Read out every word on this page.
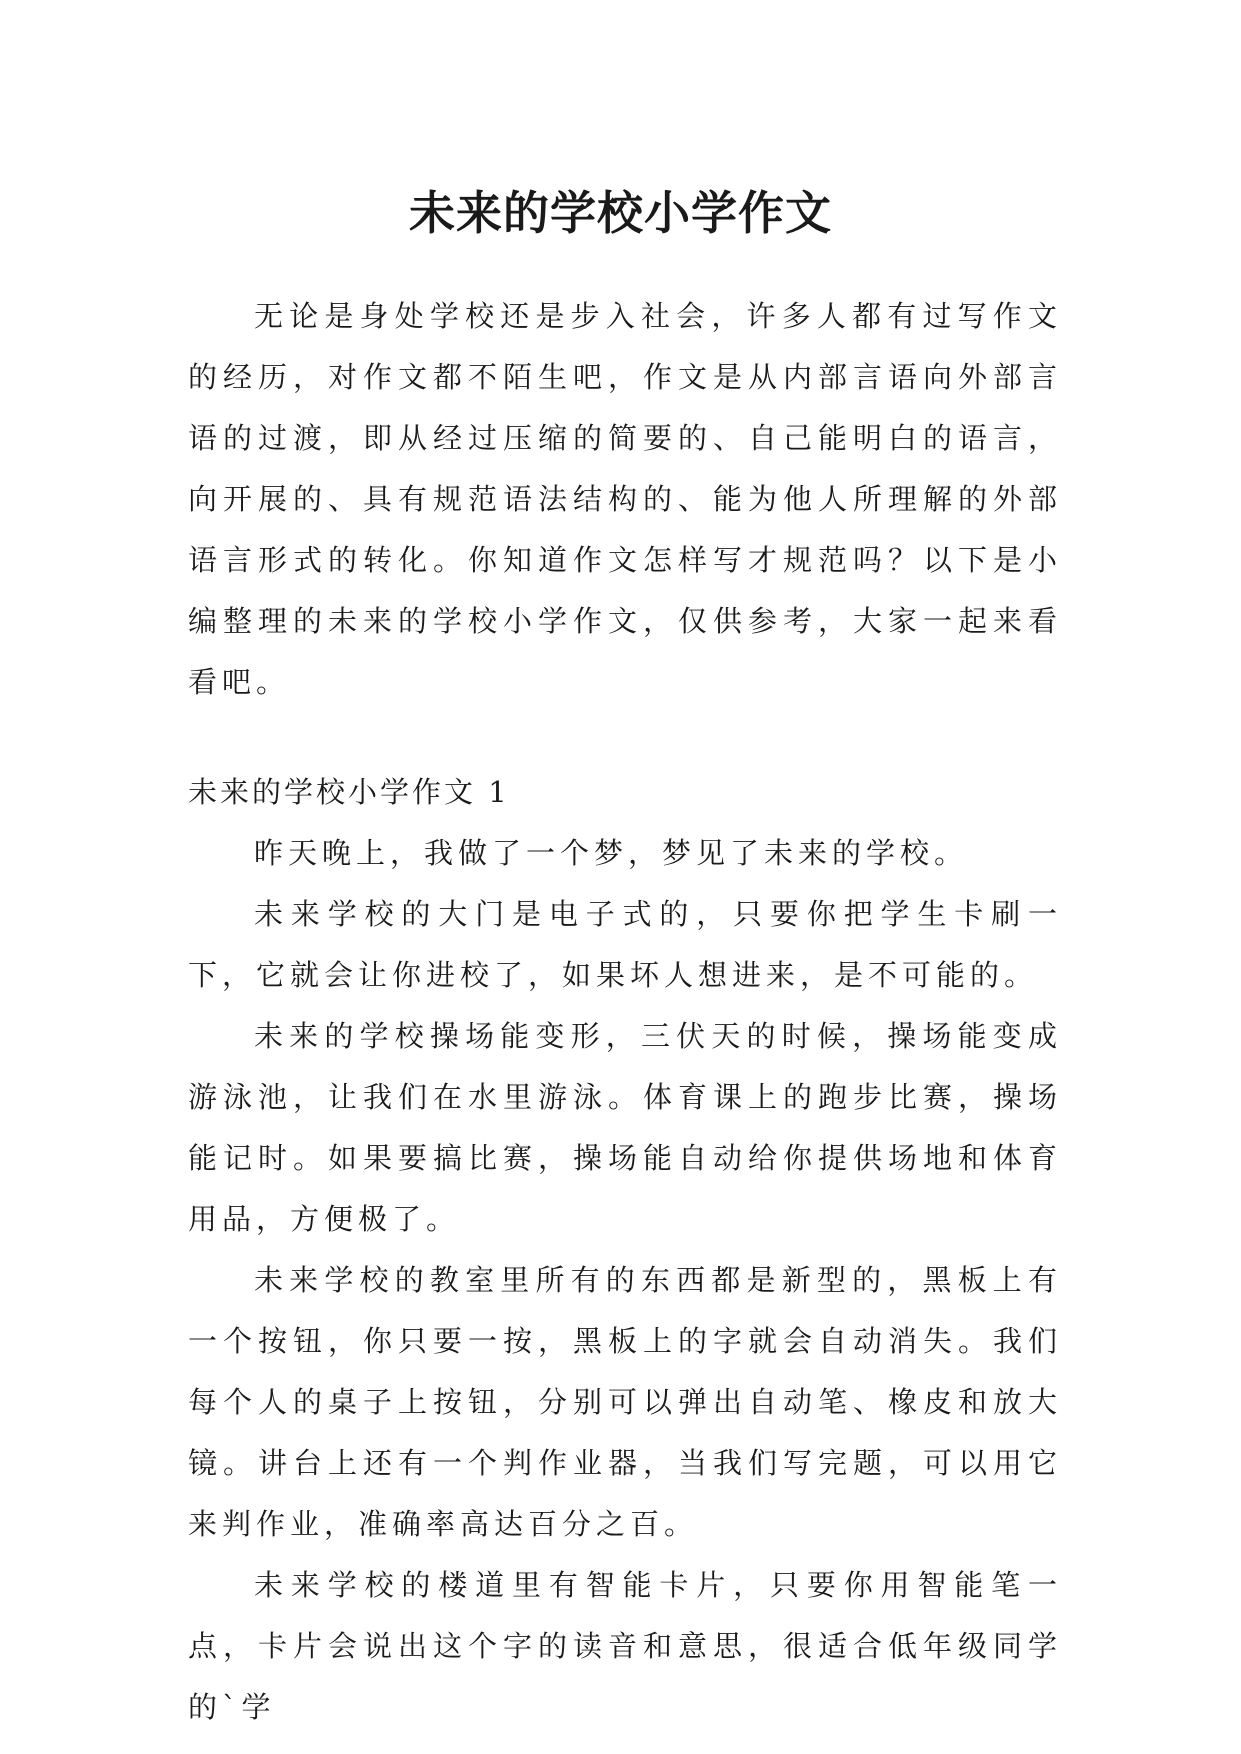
未来的学校小学作文

无论是身处学校还是步入社会，许多人都有过写作文的经历，对作文都不陌生吧，作文是从内部言语向外部言语的过渡，即从经过压缩的简要的、自己能明白的语言，向开展的、具有规范语法结构的、能为他人所理解的外部语言形式的转化。你知道作文怎样写才规范吗？以下是小编整理的未来的学校小学作文，仅供参考，大家一起来看看吧。

未来的学校小学作文 1

昨天晚上，我做了一个梦，梦见了未来的学校。

未来学校的大门是电子式的，只要你把学生卡刷一下，它就会让你进校了，如果坏人想进来，是不可能的。

未来的学校操场能变形，三伏天的时候，操场能变成游泳池，让我们在水里游泳。体育课上的跑步比赛，操场能记时。如果要搞比赛，操场能自动给你提供场地和体育用品，方便极了。

未来学校的教室里所有的东西都是新型的，黑板上有一个按钮，你只要一按，黑板上的字就会自动消失。我们每个人的桌子上按钮，分别可以弹出自动笔、橡皮和放大镜。讲台上还有一个判作业器，当我们写完题，可以用它来判作业，准确率高达百分之百。

未来学校的楼道里有智能卡片，只要你用智能笔一点，卡片会说出这个字的读音和意思，很适合低年级同学的`学
